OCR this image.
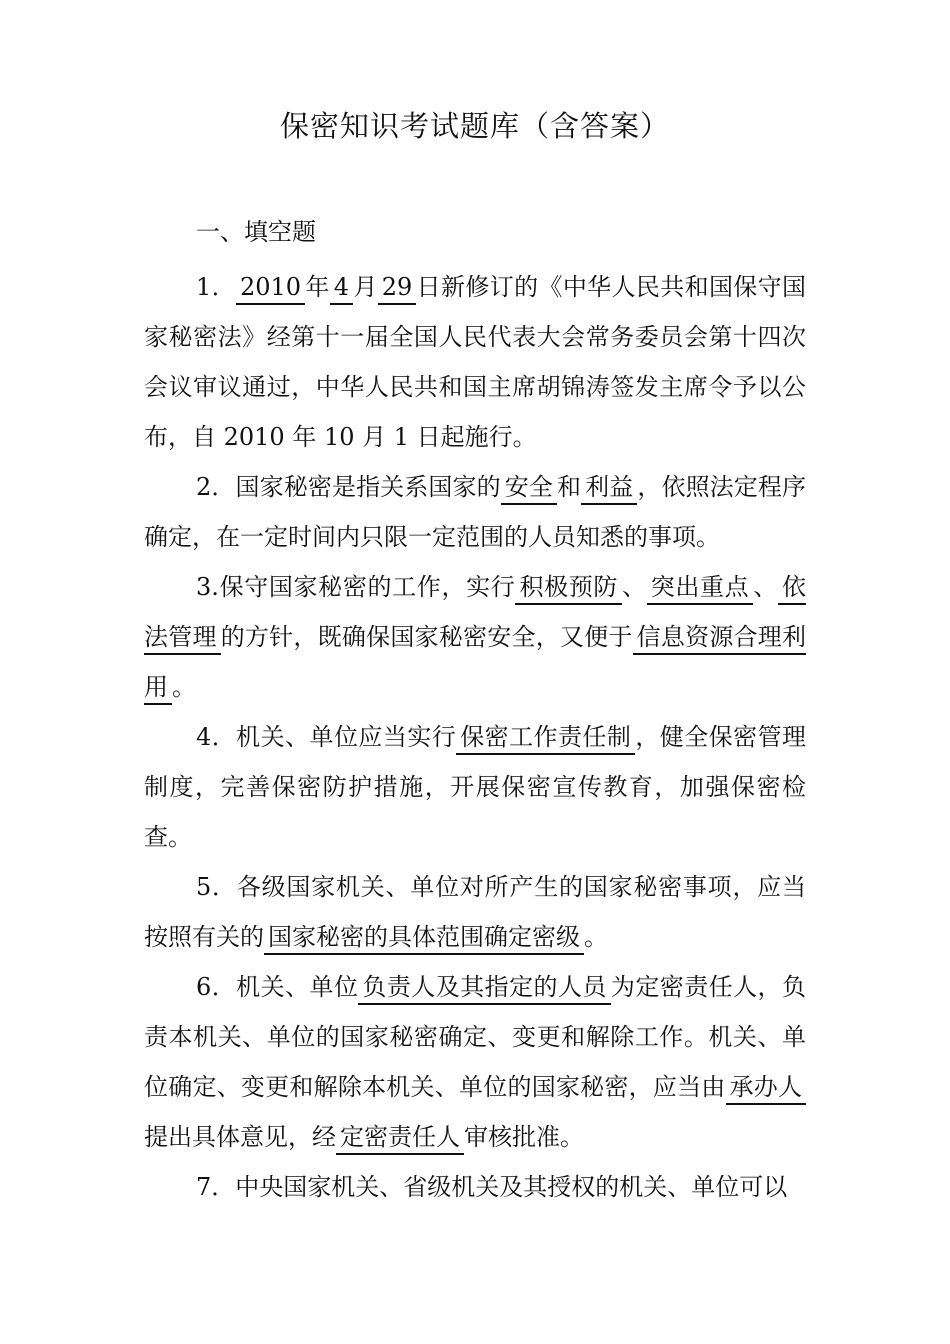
保密知识考试题库（含答案）
一、填空题

1． 2010 年 4 月 29 日新修订的《中华人民共和国保守国家秘密法》经第十一届全国人民代表大会常务委员会第十四次会议审议通过，中华人民共和国主席胡锦涛签发主席令予以公布，自 2010 年 10 月 1 日起施行。

2．国家秘密是指关系国家的 安全 和 利益 ，依照法定程序确定，在一定时间内只限一定范围的人员知悉的事项。

3.保守国家秘密的工作，实行 积极预防 、 突出重点 、 依法管理 的方针，既确保国家秘密安全，又便于 信息资源合理利用 。

4．机关、单位应当实行 保密工作责任制 ，健全保密管理制度，完善保密防护措施，开展保密宣传教育，加强保密检查。

5．各级国家机关、单位对所产生的国家秘密事项，应当按照有关的 国家秘密的具体范围确定密级 。

6．机关、单位 负责人及其指定的人员 为定密责任人，负责本机关、单位的国家秘密确定、变更和解除工作。机关、单位确定、变更和解除本机关、单位的国家秘密，应当由 承办人提出具体意见，经 定密责任人 审核批准。

7．中央国家机关、省级机关及其授权的机关、单位可以
